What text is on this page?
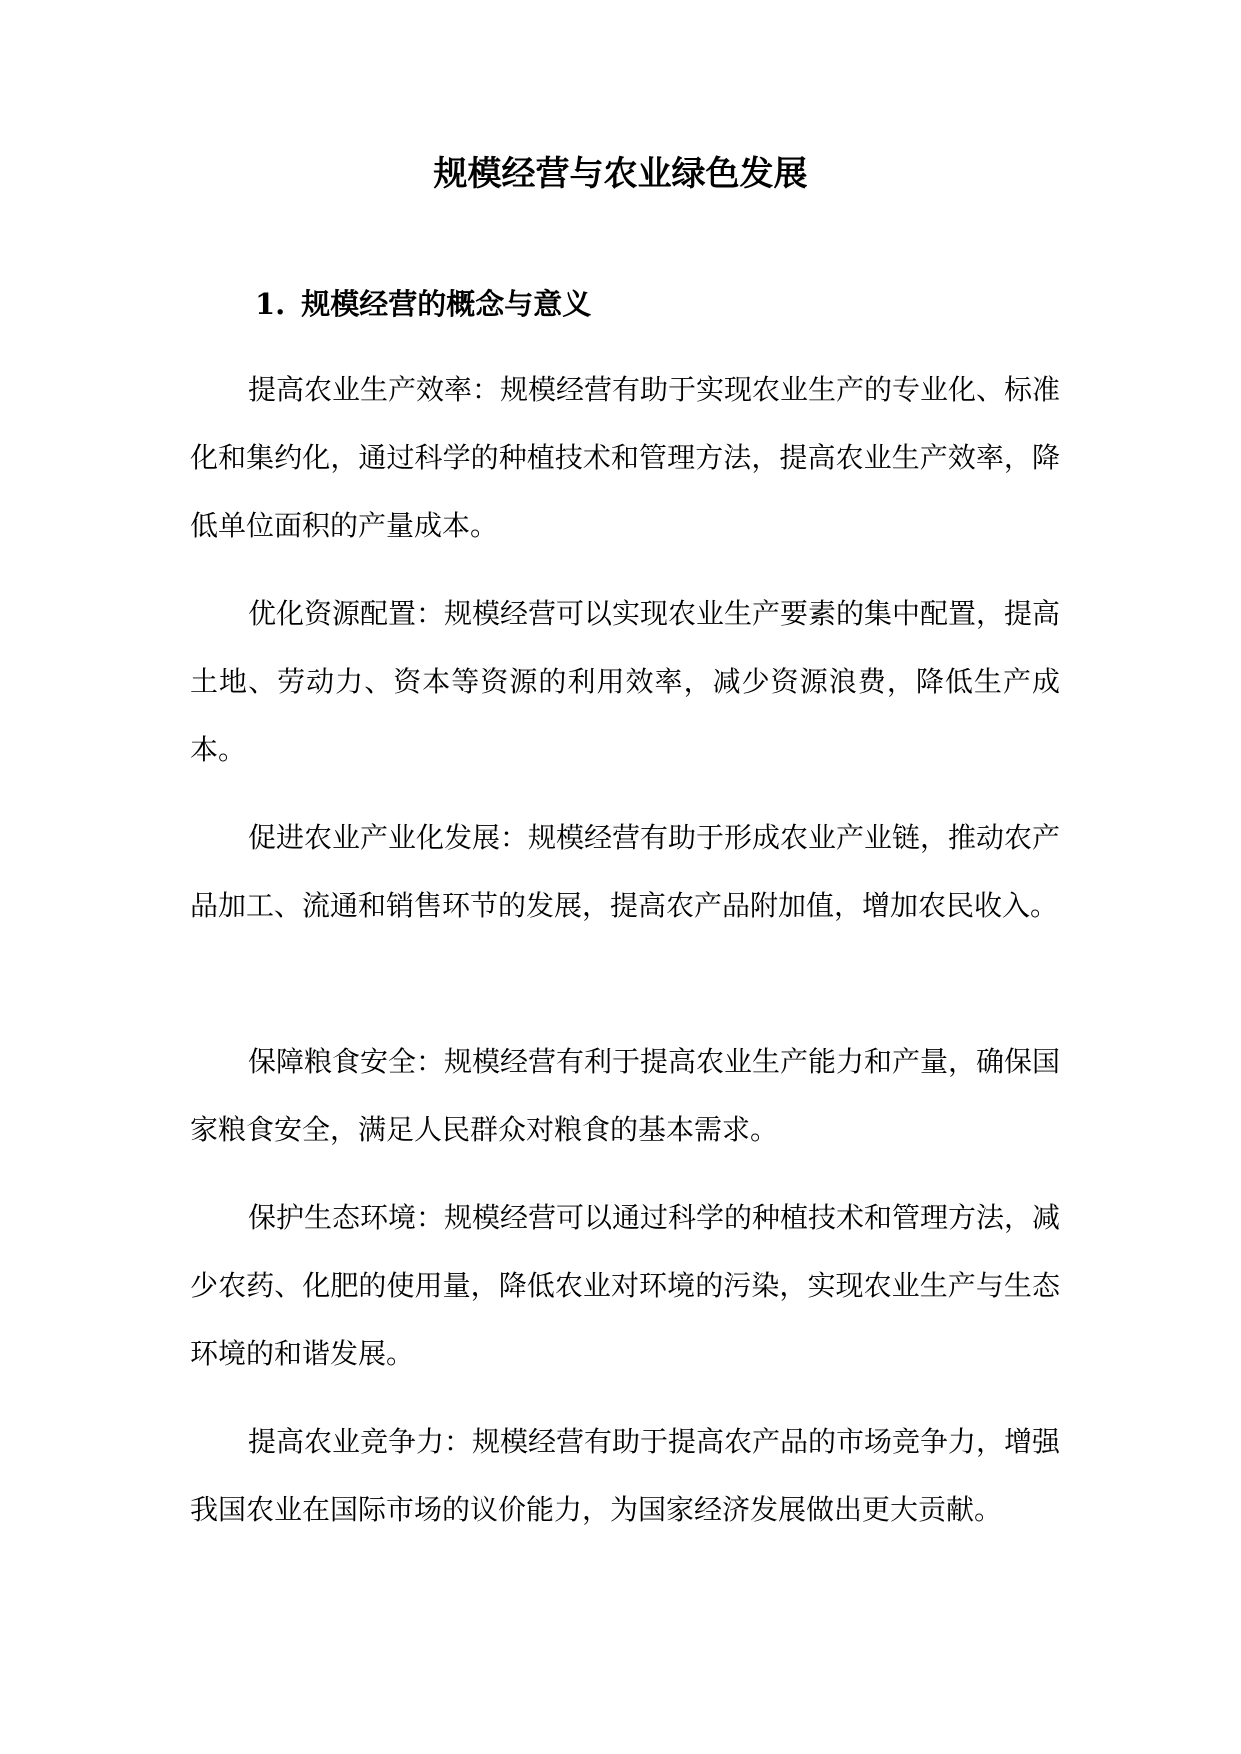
规模经营与农业绿色发展
1. 规模经营的概念与意义

提高农业生产效率：规模经营有助于实现农业生产的专业化、标准化和集约化，通过科学的种植技术和管理方法，提高农业生产效率，降低单位面积的产量成本。

优化资源配置：规模经营可以实现农业生产要素的集中配置，提高土地、劳动力、资本等资源的利用效率，减少资源浪费，降低生产成本。

促进农业产业化发展：规模经营有助于形成农业产业链，推动农产品加工、流通和销售环节的发展，提高农产品附加值，增加农民收入。

保障粮食安全：规模经营有利于提高农业生产能力和产量，确保国家粮食安全，满足人民群众对粮食的基本需求。

保护生态环境：规模经营可以通过科学的种植技术和管理方法，减少农药、化肥的使用量，降低农业对环境的污染，实现农业生产与生态环境的和谐发展。

提高农业竞争力：规模经营有助于提高农产品的市场竞争力，增强我国农业在国际市场的议价能力，为国家经济发展做出更大贡献。
